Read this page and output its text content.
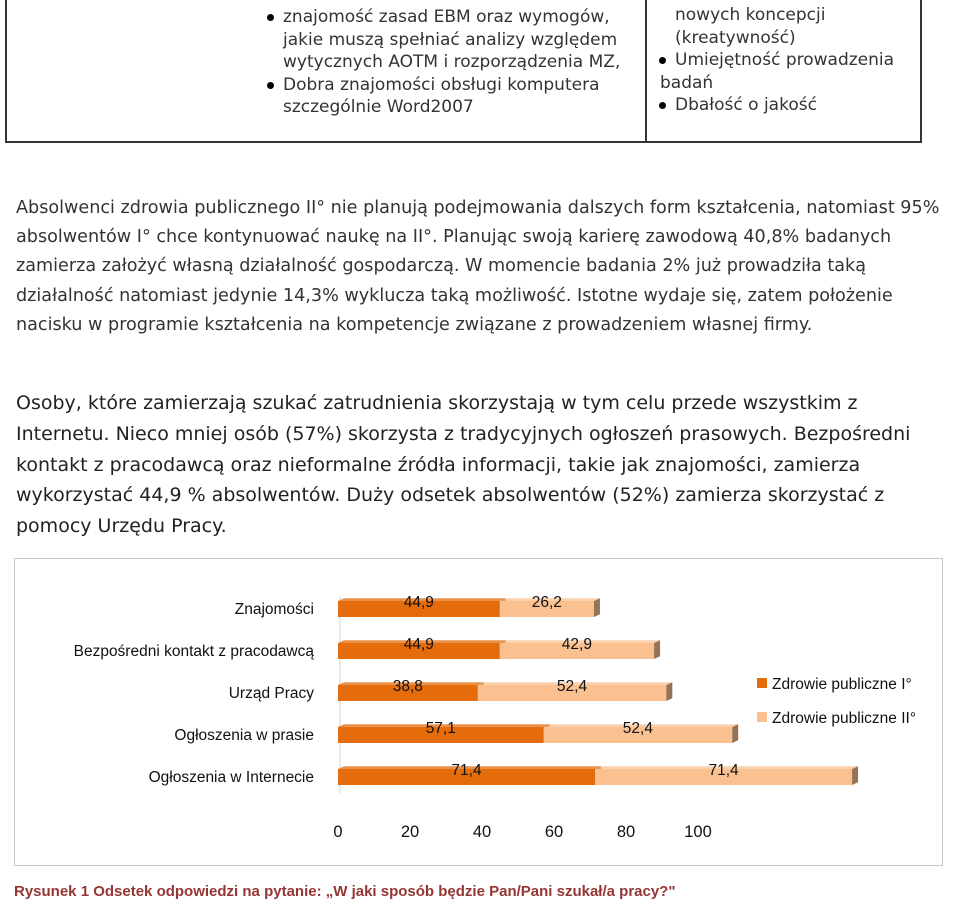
znajomość zasad EBM oraz wymogów, jakie muszą spełniać analizy względem wytycznych AOTM i rozporządzenia MZ,
Dobra znajomości obsługi komputera szczególnie Word2007
nowych koncepcji (kreatywność)
Umiejętność prowadzenia
badań
Dbałość o jakość

Absolwenci zdrowia publicznego II° nie planują podejmowania dalszych form kształcenia, natomiast 95% absolwentów I° chce kontynuować naukę na II°. Planując swoją karierę zawodową 40,8% badanych zamierza założyć własną działalność gospodarczą. W momencie badania 2% już prowadziła taką działalność natomiast jedynie 14,3% wyklucza taką możliwość. Istotne wydaje się, zatem położenie nacisku w programie kształcenia na kompetencje związane z prowadzeniem własnej firmy.

Osoby, które zamierzają szukać zatrudnienia skorzystają w tym celu przede wszystkim z Internetu. Nieco mniej osób (57%) skorzysta z tradycyjnych ogłoszeń prasowych. Bezpośredni kontakt z pracodawcą oraz nieformalne źródła informacji, takie jak znajomości, zamierza wykorzystać 44,9 % absolwentów. Duży odsetek absolwentów (52%) zamierza skorzystać z pomocy Urzędu Pracy.

Znajomości	44,9	26,2
Bezpośredni kontakt z pracodawcą	44,9	42,9
Urząd Pracy	38,8	52,4
Ogłoszenia w prasie	57,1	52,4
Ogłoszenia w Internecie	71,4	71,4
0	20	40	60	80	100
Zdrowie publiczne I°
Zdrowie publiczne II°

Rysunek 1 Odsetek odpowiedzi na pytanie: „W jaki sposób będzie Pan/Pani szukał/a pracy?"
